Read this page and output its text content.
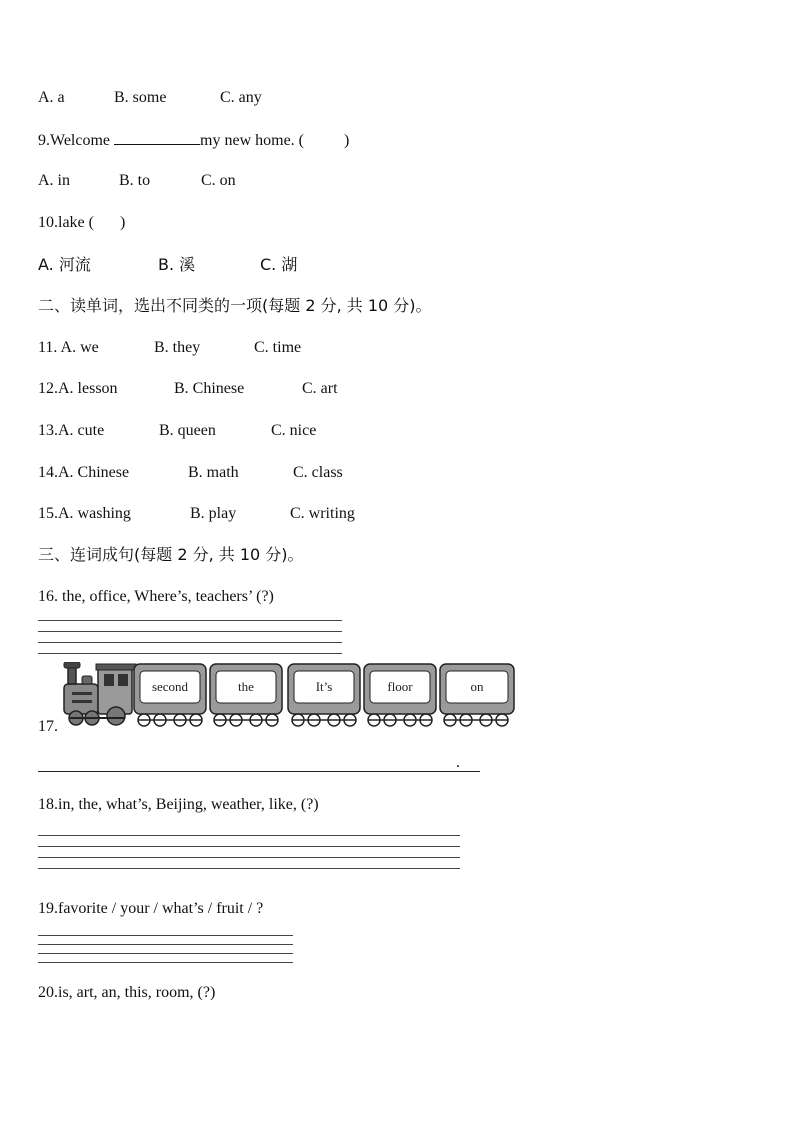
A. a	B. some	C. any
9.Welcome	my new home. (	)
A. in	B. to	C. on
10.lake ( )
A. 河流	B. 溪	C. 湖
二、读单词，选出不同类的一项(每题 2 分, 共 10 分)。
11. A. we	B. they	C. time
12.A. lesson	B. Chinese	C. art
13.A. cute	B. queen	C. nice
14.A. Chinese	B. math	C. class
15.A. washing	B. play	C. writing
三、连词成句(每题 2 分, 共 10 分)。
16. the, office, Where’s, teachers’ (?)
17.
second	the	It’s	floor	on
.
18.in, the, what’s, Beijing, weather, like, (?)
19.favorite / your / what’s / fruit / ?
20.is, art, an, this, room, (?)
